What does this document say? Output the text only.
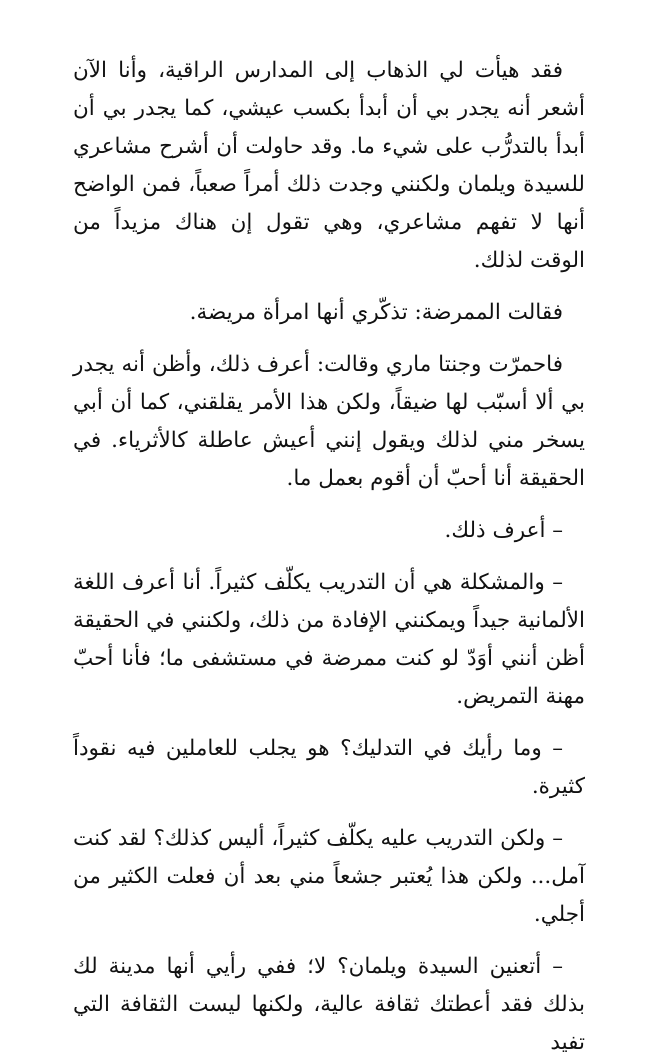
فقد هيأت لي الذهاب إلى المدارس الراقية، وأنا الآن أشعر أنه يجدر بي أن أبدأ بكسب عيشي، كما يجدر بي أن أبدأ بالتدرُّب على شيء ما. وقد حاولت أن أشرح مشاعري للسيدة ويلمان ولكنني وجدت ذلك أمراً صعباً، فمن الواضح أنها لا تفهم مشاعري، وهي تقول إن هناك مزيداً من الوقت لذلك.

فقالت الممرضة: تذكّري أنها امرأة مريضة.

فاحمرّت وجنتا ماري وقالت: أعرف ذلك، وأظن أنه يجدر بي ألا أسبّب لها ضيقاً، ولكن هذا الأمر يقلقني، كما أن أبي يسخر مني لذلك ويقول إنني أعيش عاطلة كالأثرياء. في الحقيقة أنا أحبّ أن أقوم بعمل ما.

– أعرف ذلك.

– والمشكلة هي أن التدريب يكلّف كثيراً. أنا أعرف اللغة الألمانية جيداً ويمكنني الإفادة من ذلك، ولكنني في الحقيقة أظن أنني أوَدّ لو كنت ممرضة في مستشفى ما؛ فأنا أحبّ مهنة التمريض.

– وما رأيك في التدليك؟ هو يجلب للعاملين فيه نقوداً كثيرة.

– ولكن التدريب عليه يكلّف كثيراً، أليس كذلك؟ لقد كنت آمل... ولكن هذا يُعتبر جشعاً مني بعد أن فعلت الكثير من أجلي.

– أتعنين السيدة ويلمان؟ لا؛ ففي رأيي أنها مدينة لك بذلك فقد أعطتك ثقافة عالية، ولكنها ليست الثقافة التي تفيد
